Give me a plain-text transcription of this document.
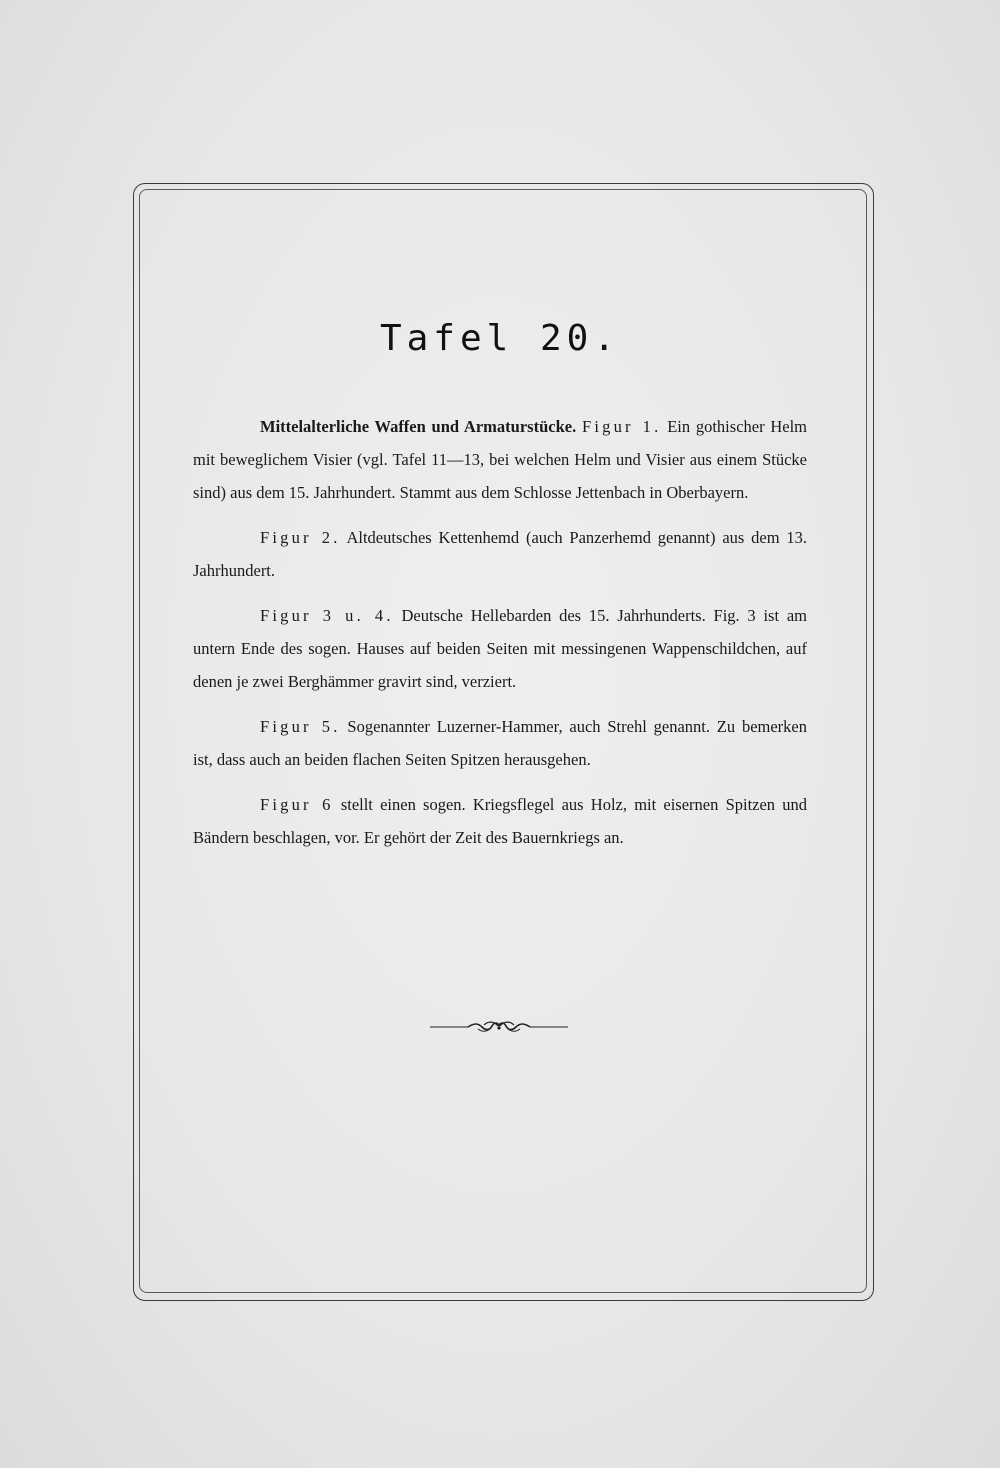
Tafel 20.

Mittelalterliche Waffen und Armaturstücke. Figur 1. Ein gothischer Helm mit beweglichem Visier (vgl. Tafel 11—13, bei welchen Helm und Visier aus einem Stücke sind) aus dem 15. Jahrhundert. Stammt aus dem Schlosse Jettenbach in Oberbayern.

Figur 2. Altdeutsches Kettenhemd (auch Panzerhemd genannt) aus dem 13. Jahrhundert.

Figur 3 u. 4. Deutsche Hellebarden des 15. Jahrhunderts. Fig. 3 ist am untern Ende des sogen. Hauses auf beiden Seiten mit messingenen Wappenschildchen, auf denen je zwei Berghämmer gravirt sind, verziert.

Figur 5. Sogenannter Luzerner-Hammer, auch Strehl genannt. Zu bemerken ist, dass auch an beiden flachen Seiten Spitzen herausgehen.

Figur 6 stellt einen sogen. Kriegsflegel aus Holz, mit eisernen Spitzen und Bändern beschlagen, vor. Er gehört der Zeit des Bauernkriegs an.
